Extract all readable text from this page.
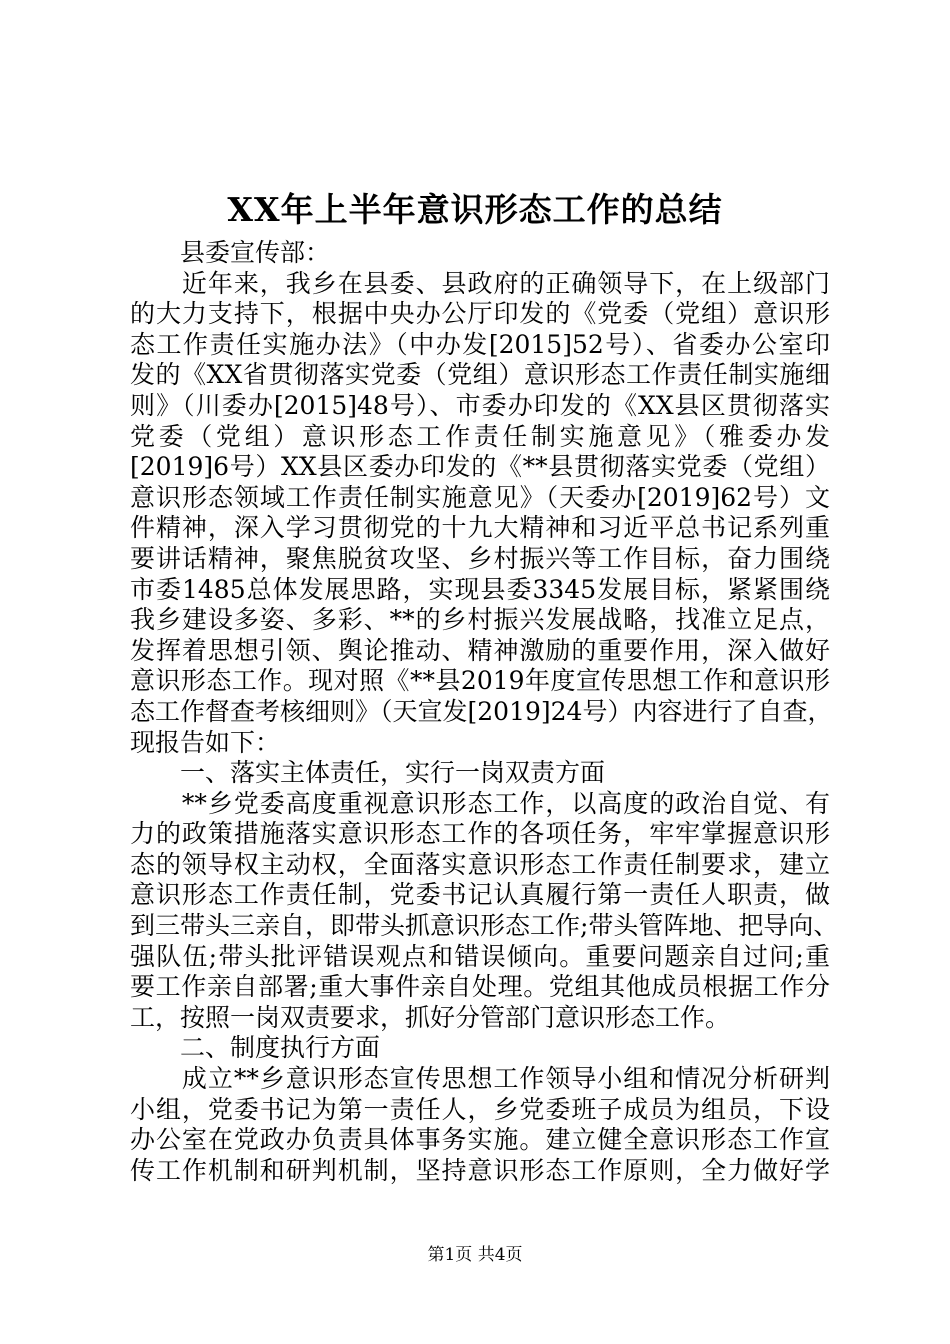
XX年上半年意识形态工作的总结
　　县委宣传部：
　　近年来，我乡在县委、县政府的正确领导下，在上级部门
的大力支持下，根据中央办公厅印发的《党委（党组）意识形
态工作责任实施办法》（中办发[2015]52号）、省委办公室印
发的《XX省贯彻落实党委（党组）意识形态工作责任制实施细
则》（川委办[2015]48号）、市委办印发的《XX县区贯彻落实
党委（党组）意识形态工作责任制实施意见》（雅委办发
[2019]6号）XX县区委办印发的《**县贯彻落实党委（党组）
意识形态领域工作责任制实施意见》（天委办[2019]62号）文
件精神，深入学习贯彻党的十九大精神和习近平总书记系列重
要讲话精神，聚焦脱贫攻坚、乡村振兴等工作目标，奋力围绕
市委1485总体发展思路，实现县委3345发展目标，紧紧围绕
我乡建设多姿、多彩、**的乡村振兴发展战略，找准立足点，
发挥着思想引领、舆论推动、精神激励的重要作用，深入做好
意识形态工作。现对照《**县2019年度宣传思想工作和意识形
态工作督查考核细则》（天宣发[2019]24号）内容进行了自查，
现报告如下：
　　一、落实主体责任，实行一岗双责方面
　　**乡党委高度重视意识形态工作，以高度的政治自觉、有
力的政策措施落实意识形态工作的各项任务，牢牢掌握意识形
态的领导权主动权，全面落实意识形态工作责任制要求，建立
意识形态工作责任制，党委书记认真履行第一责任人职责，做
到三带头三亲自，即带头抓意识形态工作;带头管阵地、把导向、
强队伍;带头批评错误观点和错误倾向。重要问题亲自过问;重
要工作亲自部署;重大事件亲自处理。党组其他成员根据工作分
工，按照一岗双责要求，抓好分管部门意识形态工作。
　　二、制度执行方面
　　成立**乡意识形态宣传思想工作领导小组和情况分析研判
小组，党委书记为第一责任人，乡党委班子成员为组员，下设
办公室在党政办负责具体事务实施。建立健全意识形态工作宣
传工作机制和研判机制，坚持意识形态工作原则，全力做好学
第1页 共4页
